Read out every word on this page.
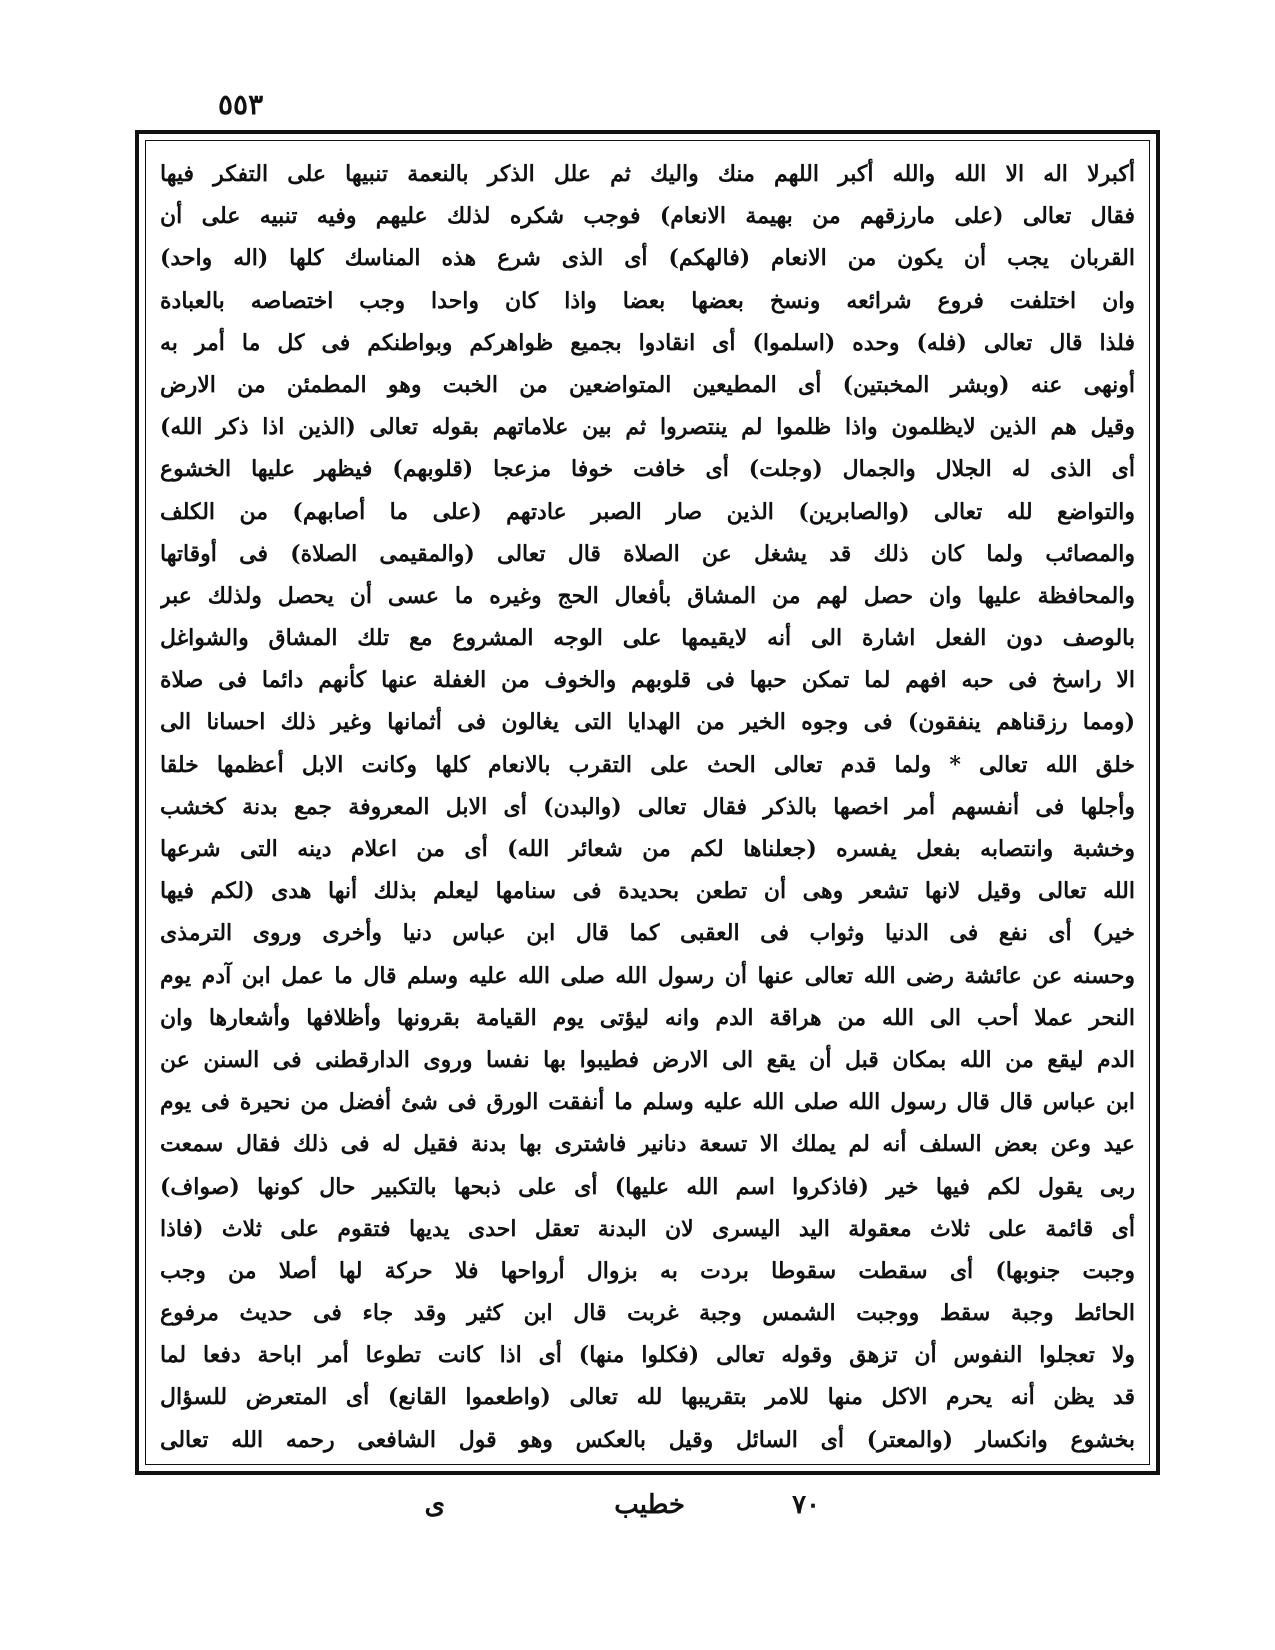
٥٥٣
أكبرلا اله الا الله والله أكبر اللهم منك واليك ثم علل الذكر بالنعمة تنبيها على التفكر فيها
فقال تعالى (على مارزقهم من بهيمة الانعام) فوجب شكره لذلك عليهم وفيه تنبيه على أن
القربان يجب أن يكون من الانعام (فالهكم) أى الذى شرع هذه المناسك كلها (اله واحد)
وان اختلفت فروع شرائعه ونسخ بعضها بعضا واذا كان واحدا وجب اختصاصه بالعبادة
فلذا قال تعالى (فله) وحده (اسلموا) أى انقادوا بجميع ظواهركم وبواطنكم فى كل ما أمر به
أونهى عنه (وبشر المخبتين) أى المطيعين المتواضعين من الخبت وهو المطمئن من الارض
وقيل هم الذين لايظلمون واذا ظلموا لم ينتصروا ثم بين علاماتهم بقوله تعالى (الذين اذا ذكر الله)
أى الذى له الجلال والجمال (وجلت) أى خافت خوفا مزعجا (قلوبهم) فيظهر عليها الخشوع
والتواضع لله تعالى (والصابرين) الذين صار الصبر عادتهم (على ما أصابهم) من الكلف
والمصائب ولما كان ذلك قد يشغل عن الصلاة قال تعالى (والمقيمى الصلاة) فى أوقاتها
والمحافظة عليها وان حصل لهم من المشاق بأفعال الحج وغيره ما عسى أن يحصل ولذلك عبر
بالوصف دون الفعل اشارة الى أنه لايقيمها على الوجه المشروع مع تلك المشاق والشواغل
الا راسخ فى حبه افهم لما تمكن حبها فى قلوبهم والخوف من الغفلة عنها كأنهم دائما فى صلاة
(ومما رزقناهم ينفقون) فى وجوه الخير من الهدايا التى يغالون فى أثمانها وغير ذلك احسانا الى
خلق الله تعالى * ولما قدم تعالى الحث على التقرب بالانعام كلها وكانت الابل أعظمها خلقا
وأجلها فى أنفسهم أمر اخصها بالذكر فقال تعالى (والبدن) أى الابل المعروفة جمع بدنة كخشب
وخشبة وانتصابه بفعل يفسره (جعلناها لكم من شعائر الله) أى من اعلام دينه التى شرعها
الله تعالى وقيل لانها تشعر وهى أن تطعن بحديدة فى سنامها ليعلم بذلك أنها هدى (لكم فيها
خير) أى نفع فى الدنيا وثواب فى العقبى كما قال ابن عباس دنيا وأخرى وروى الترمذى
وحسنه عن عائشة رضى الله تعالى عنها أن رسول الله صلى الله عليه وسلم قال ما عمل ابن آدم يوم
النحر عملا أحب الى الله من هراقة الدم وانه ليؤتى يوم القيامة بقرونها وأظلافها وأشعارها وان
الدم ليقع من الله بمكان قبل أن يقع الى الارض فطيبوا بها نفسا وروى الدارقطنى فى السنن عن
ابن عباس قال قال رسول الله صلى الله عليه وسلم ما أنفقت الورق فى شئ أفضل من نحيرة فى يوم
عيد وعن بعض السلف أنه لم يملك الا تسعة دنانير فاشترى بها بدنة فقيل له فى ذلك فقال سمعت
ربى يقول لكم فيها خير (فاذكروا اسم الله عليها) أى على ذبحها بالتكبير حال كونها (صواف)
أى قائمة على ثلاث معقولة اليد اليسرى لان البدنة تعقل احدى يديها فتقوم على ثلاث (فاذا
وجبت جنوبها) أى سقطت سقوطا بردت به بزوال أرواحها فلا حركة لها أصلا من وجب
الحائط وجبة سقط ووجبت الشمس وجبة غربت قال ابن كثير وقد جاء فى حديث مرفوع
ولا تعجلوا النفوس أن تزهق وقوله تعالى (فكلوا منها) أى اذا كانت تطوعا أمر اباحة دفعا لما
قد يظن أنه يحرم الاكل منها للامر بتقريبها لله تعالى (واطعموا القانع) أى المتعرض للسؤال
بخشوع وانكسار (والمعتر) أى السائل وقيل بالعكس وهو قول الشافعى رحمه الله تعالى
٧٠
خطيب
ى
